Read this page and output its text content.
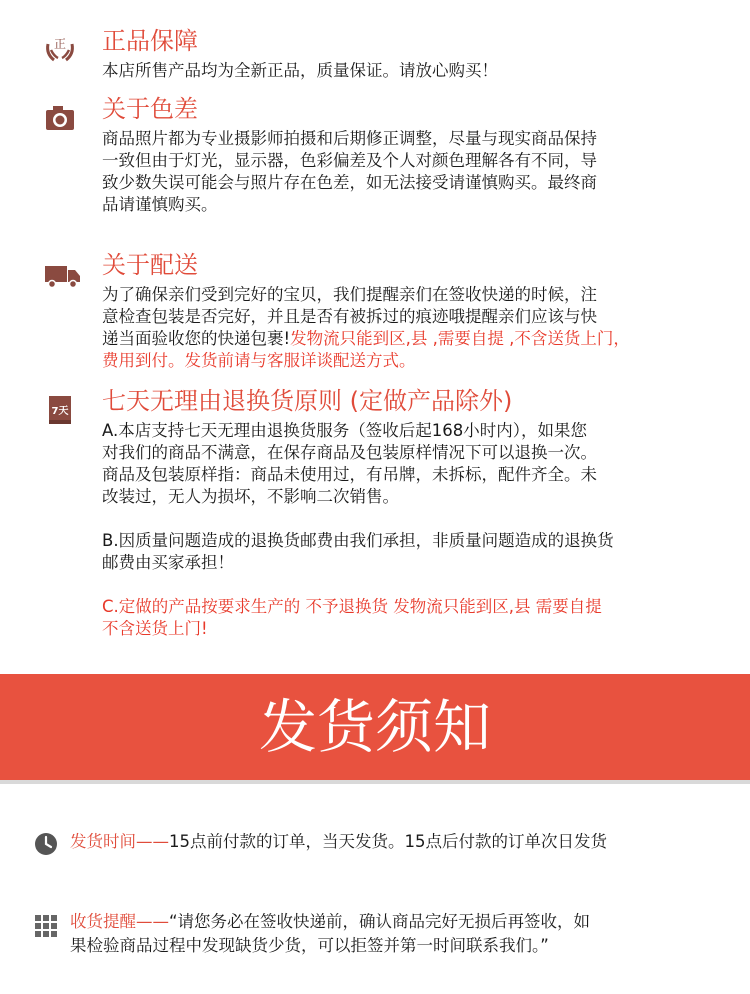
正 正品保障
本店所售产品均为全新正品，质量保证。请放心购买！
关于色差
商品照片都为专业摄影师拍摄和后期修正调整，尽量与现实商品保持
一致但由于灯光，显示器，色彩偏差及个人对颜色理解各有不同，导
致少数失误可能会与照片存在色差，如无法接受请谨慎购买。最终商
品请谨慎购买。
关于配送
为了确保亲们受到完好的宝贝，我们提醒亲们在签收快递的时候，注
意检查包装是否完好，并且是否有被拆过的痕迹哦提醒亲们应该与快
递当面验收您的快递包裹!发物流只能到区,县 ,需要自提 ,不含送货上门，
费用到付。发货前请与客服详谈配送方式。
7天 七天无理由退换货原则 (定做产品除外)
A.本店支持七天无理由退换货服务（签收后起168小时内），如果您
对我们的商品不满意，在保存商品及包装原样情况下可以退换一次。
商品及包装原样指：商品未使用过，有吊牌，未拆标，配件齐全。未
改装过，无人为损坏，不影响二次销售。
B.因质量问题造成的退换货邮费由我们承担，非质量问题造成的退换货
邮费由买家承担！
C.定做的产品按要求生产的 不予退换货 发物流只能到区,县 需要自提
不含送货上门!
发货须知
发货时间——15点前付款的订单，当天发货。15点后付款的订单次日发货
收货提醒——“请您务必在签收快递前，确认商品完好无损后再签收，如
果检验商品过程中发现缺货少货，可以拒签并第一时间联系我们。”
